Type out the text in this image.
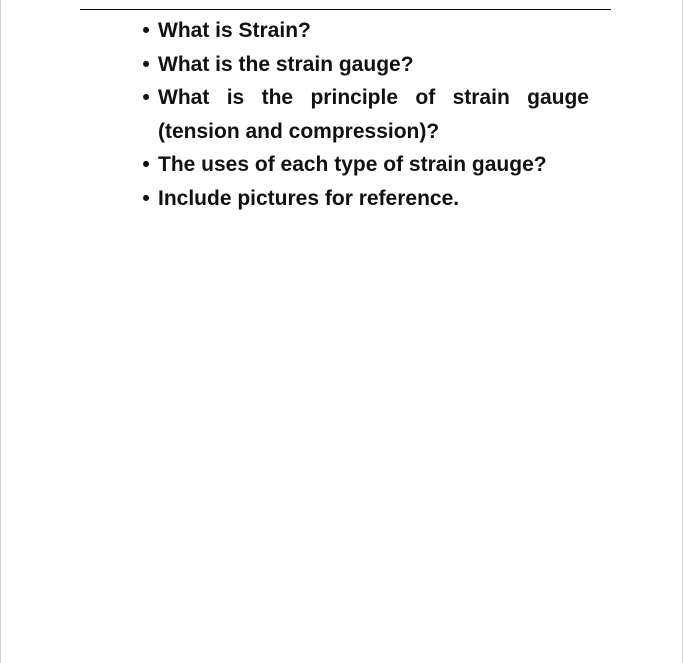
• What is Strain?
• What is the strain gauge?
• What is the principle of strain gauge
(tension and compression)?
• The uses of each type of strain gauge?
• Include pictures for reference.
